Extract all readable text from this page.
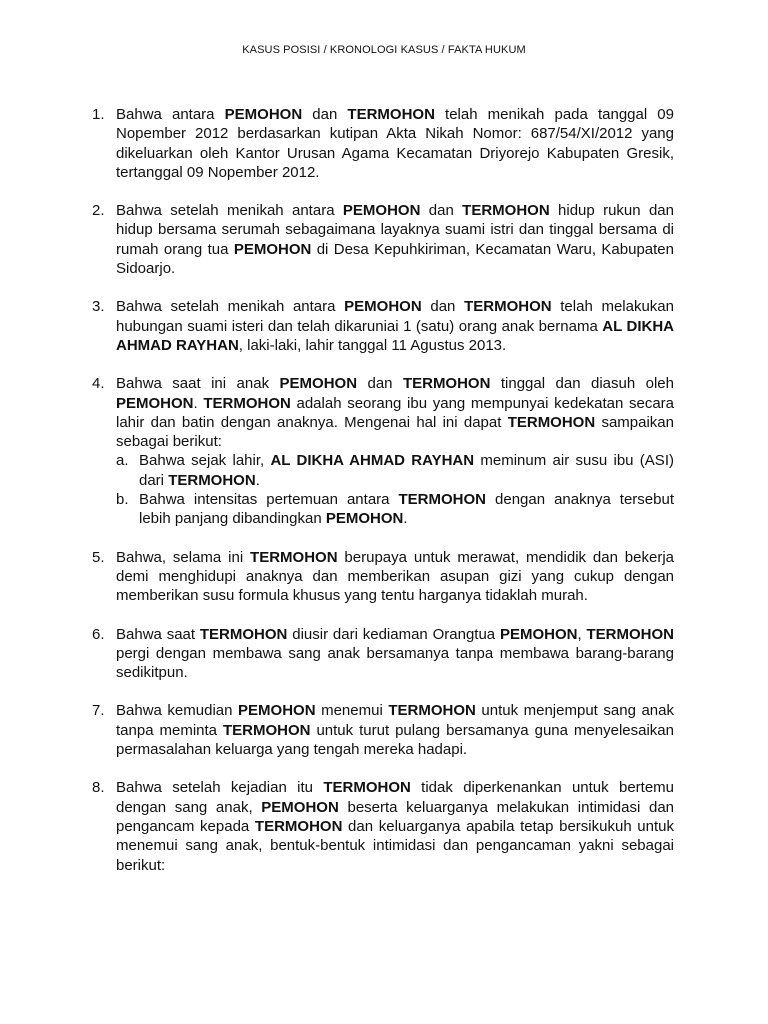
KASUS POSISI / KRONOLOGI KASUS / FAKTA HUKUM
1. Bahwa antara PEMOHON dan TERMOHON telah menikah pada tanggal 09 Nopember 2012 berdasarkan kutipan Akta Nikah Nomor: 687/54/XI/2012 yang dikeluarkan oleh Kantor Urusan Agama Kecamatan Driyorejo Kabupaten Gresik, tertanggal 09 Nopember 2012.

2. Bahwa setelah menikah antara PEMOHON dan TERMOHON hidup rukun dan hidup bersama serumah sebagaimana layaknya suami istri dan tinggal bersama di rumah orang tua PEMOHON di Desa Kepuhkiriman, Kecamatan Waru, Kabupaten Sidoarjo.

3. Bahwa setelah menikah antara PEMOHON dan TERMOHON telah melakukan hubungan suami isteri dan telah dikaruniai 1 (satu) orang anak bernama AL DIKHA AHMAD RAYHAN, laki-laki, lahir tanggal 11 Agustus 2013.

4. Bahwa saat ini anak PEMOHON dan TERMOHON tinggal dan diasuh oleh PEMOHON. TERMOHON adalah seorang ibu yang mempunyai kedekatan secara lahir dan batin dengan anaknya. Mengenai hal ini dapat TERMOHON sampaikan sebagai berikut:

a. Bahwa sejak lahir, AL DIKHA AHMAD RAYHAN meminum air susu ibu (ASI) dari TERMOHON.

b. Bahwa intensitas pertemuan antara TERMOHON dengan anaknya tersebut lebih panjang dibandingkan PEMOHON.

5. Bahwa, selama ini TERMOHON berupaya untuk merawat, mendidik dan bekerja demi menghidupi anaknya dan memberikan asupan gizi yang cukup dengan memberikan susu formula khusus yang tentu harganya tidaklah murah.

6. Bahwa saat TERMOHON diusir dari kediaman Orangtua PEMOHON, TERMOHON pergi dengan membawa sang anak bersamanya tanpa membawa barang-barang sedikitpun.

7. Bahwa kemudian PEMOHON menemui TERMOHON untuk menjemput sang anak tanpa meminta TERMOHON untuk turut pulang bersamanya guna menyelesaikan permasalahan keluarga yang tengah mereka hadapi.

8. Bahwa setelah kejadian itu TERMOHON tidak diperkenankan untuk bertemu dengan sang anak, PEMOHON beserta keluarganya melakukan intimidasi dan pengancam kepada TERMOHON dan keluarganya apabila tetap bersikukuh untuk menemui sang anak, bentuk-bentuk intimidasi dan pengancaman yakni sebagai berikut:
